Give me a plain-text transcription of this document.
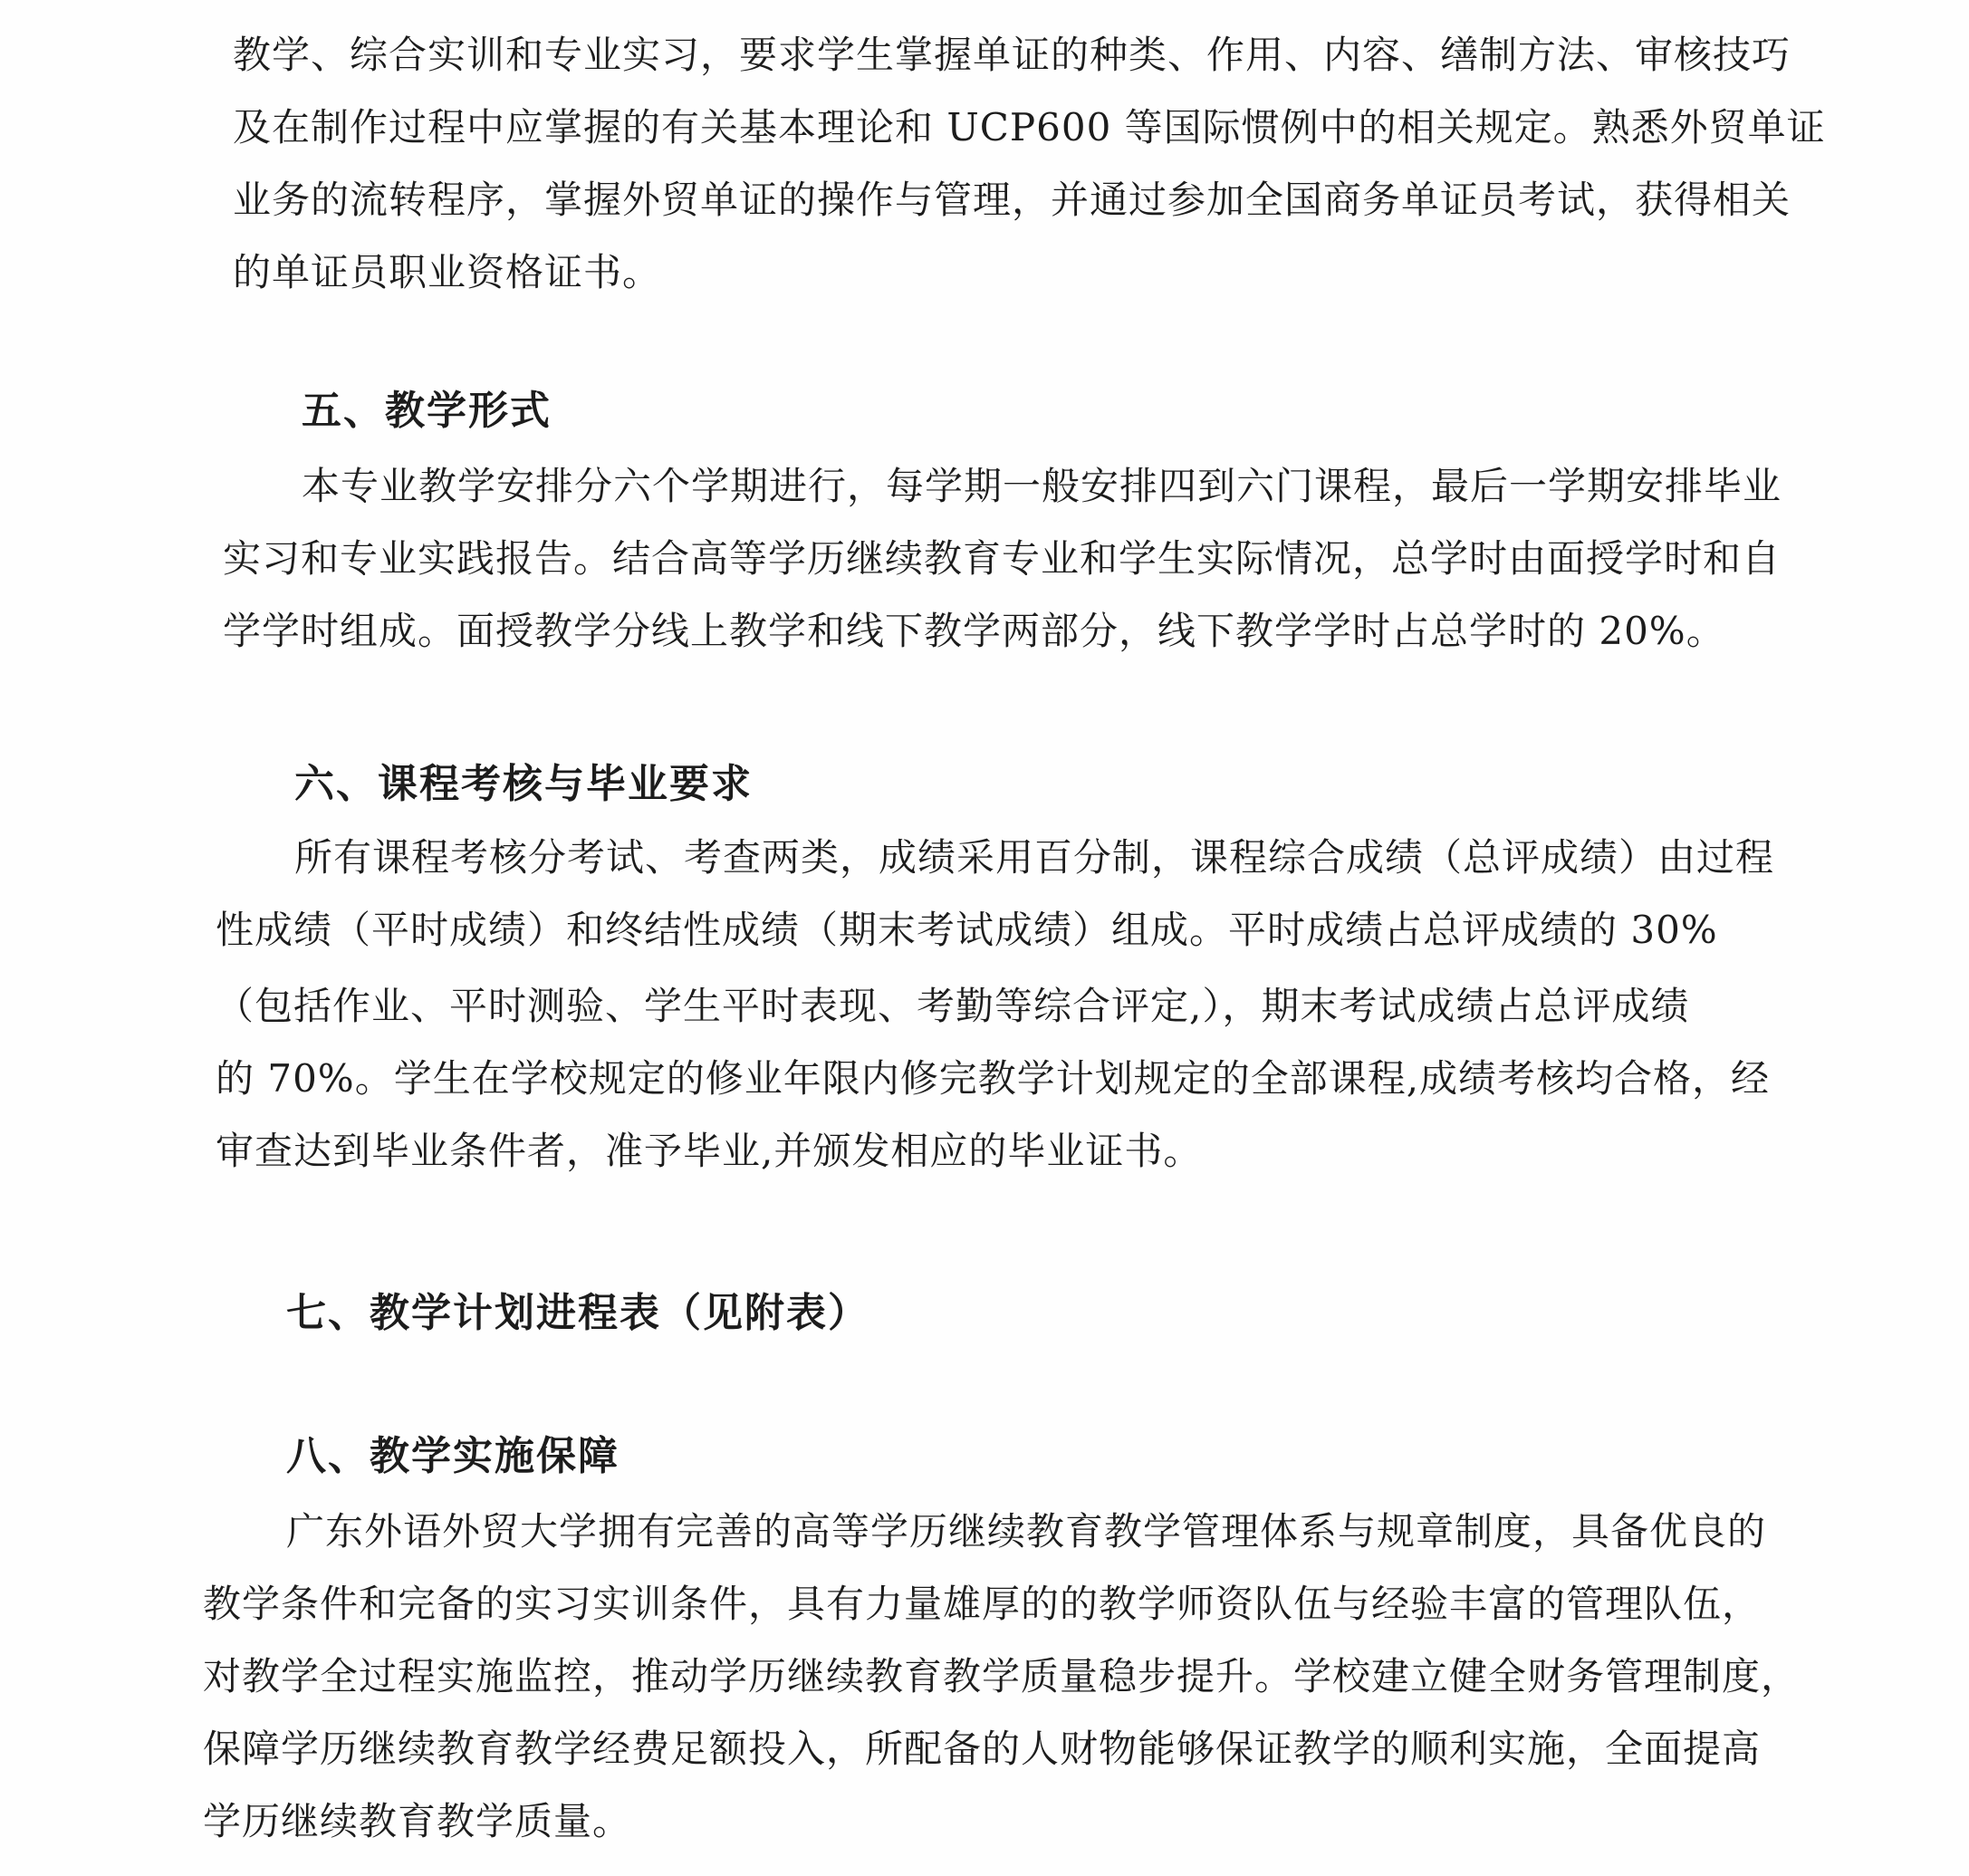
教学、综合实训和专业实习，要求学生掌握单证的种类、作用、内容、缮制方法、审核技巧
及在制作过程中应掌握的有关基本理论和 UCP600 等国际惯例中的相关规定。熟悉外贸单证
业务的流转程序，掌握外贸单证的操作与管理，并通过参加全国商务单证员考试，获得相关
的单证员职业资格证书。
五、教学形式
本专业教学安排分六个学期进行，每学期一般安排四到六门课程，最后一学期安排毕业
实习和专业实践报告。结合高等学历继续教育专业和学生实际情况，总学时由面授学时和自
学学时组成。面授教学分线上教学和线下教学两部分，线下教学学时占总学时的 20%。
六、课程考核与毕业要求
所有课程考核分考试、考查两类，成绩采用百分制，课程综合成绩（总评成绩）由过程
性成绩（平时成绩）和终结性成绩（期末考试成绩）组成。平时成绩占总评成绩的 30%
（包括作业、平时测验、学生平时表现、考勤等综合评定,），期末考试成绩占总评成绩
的 70%。学生在学校规定的修业年限内修完教学计划规定的全部课程,成绩考核均合格，经
审查达到毕业条件者，准予毕业,并颁发相应的毕业证书。
七、教学计划进程表（见附表）
八、教学实施保障
广东外语外贸大学拥有完善的高等学历继续教育教学管理体系与规章制度，具备优良的
教学条件和完备的实习实训条件，具有力量雄厚的的教学师资队伍与经验丰富的管理队伍，
对教学全过程实施监控，推动学历继续教育教学质量稳步提升。学校建立健全财务管理制度，
保障学历继续教育教学经费足额投入，所配备的人财物能够保证教学的顺利实施，全面提高
学历继续教育教学质量。
